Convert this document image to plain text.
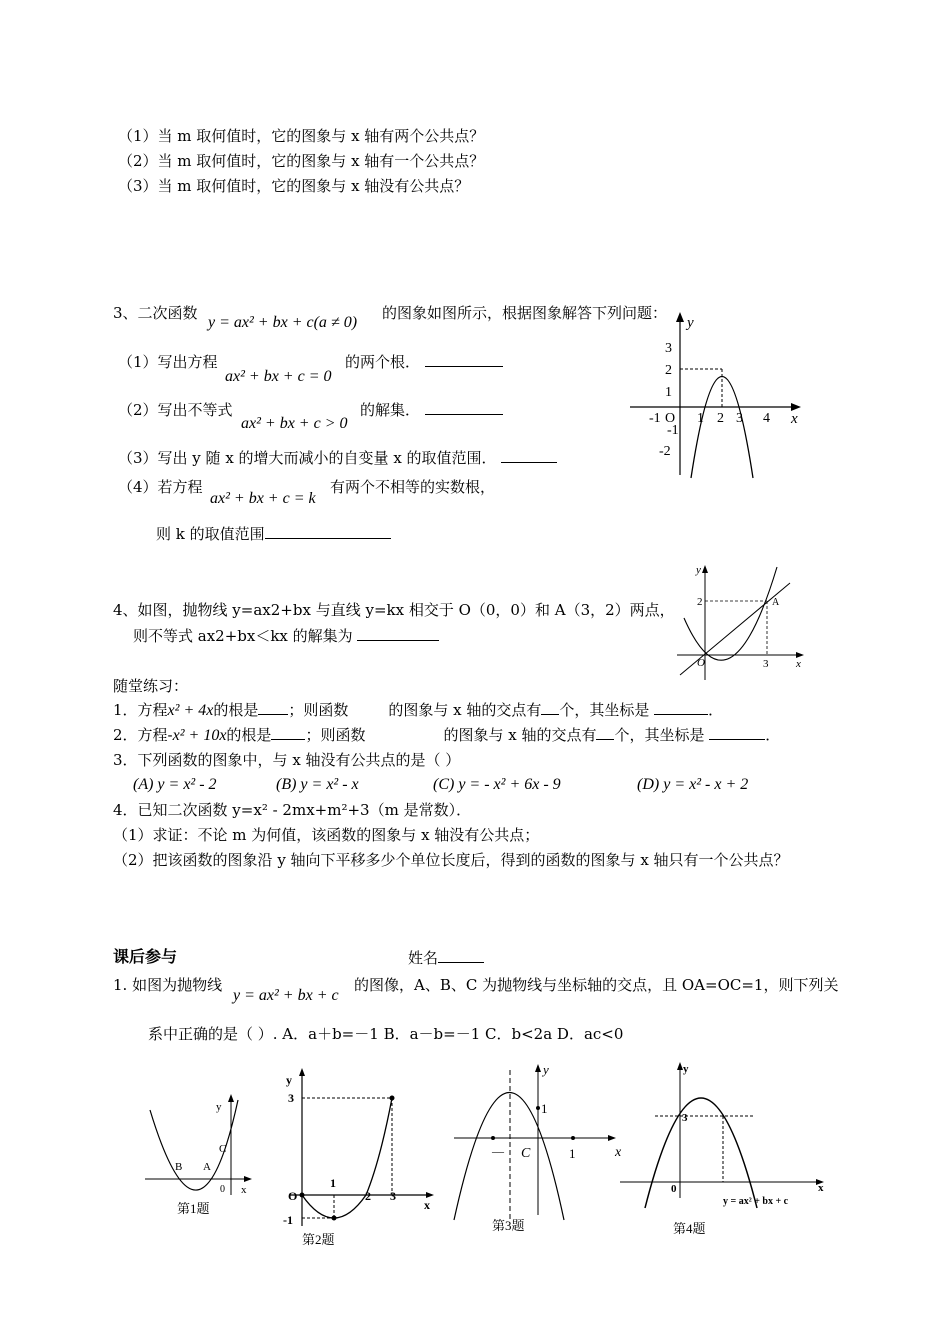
（1）当 m 取何值时，它的图象与 x 轴有两个公共点？
（2）当 m 取何值时，它的图象与 x 轴有一个公共点？
（3）当 m 取何值时，它的图象与 x 轴没有公共点？
3、二次函数
y = ax² + bx + c(a ≠ 0)
的图象如图所示，根据图象解答下列问题：
（1）写出方程
ax² + bx + c = 0
的两个根．
（2）写出不等式
ax² + bx + c > 0
的解集．
（3）写出 y 随 x 的增大而减小的自变量 x 的取值范围．
（4）若方程
ax² + bx + c = k
有两个不相等的实数根，
则 k 的取值范围
y
x
O
-1	1 2 3 4
3
2
1
-1
-2
4、如图，抛物线 y=ax2+bx 与直线 y=kx 相交于 O（0，0）和 A（3，2）两点，
则不等式 ax2+bx＜kx 的解集为
y
x
O
2
3
A
随堂练习：
1．方程x² + 4x的根是 ；则函数	的图象与 x 轴的交点有 个，其坐标是	．
2．方程-x² + 10x的根是 ；则函数	的图象与 x 轴的交点有 个，其坐标是	．
3．下列函数的图象中，与 x 轴没有公共点的是（ ）
(A) y = x² - 2	(B) y = x² - x	(C) y = - x² + 6x - 9	(D) y = x² - x + 2
4．已知二次函数 y=x² - 2mx+m²+3（m 是常数）．
（1）求证：不论 m 为何值，该函数的图象与 x 轴没有公共点；
（2）把该函数的图象沿 y 轴向下平移多少个单位长度后，得到的函数的图象与 x 轴只有一个公共点？
课后参与	姓名
1. 如图为抛物线
y = ax² + bx + c
的图像，A、B、C 为抛物线与坐标轴的交点，且 OA=OC=1，则下列关
系中正确的是（ ）. A．a＋b=－1 B．a－b=－1 C．b<2a D．ac<0
y
x
B A
C
0
第1题
y
x
3
O
-1
1
2 3
第2题
y
x
1
1
C
—
第3题
y
x
0
3
y = ax² + bx + c
第4题
